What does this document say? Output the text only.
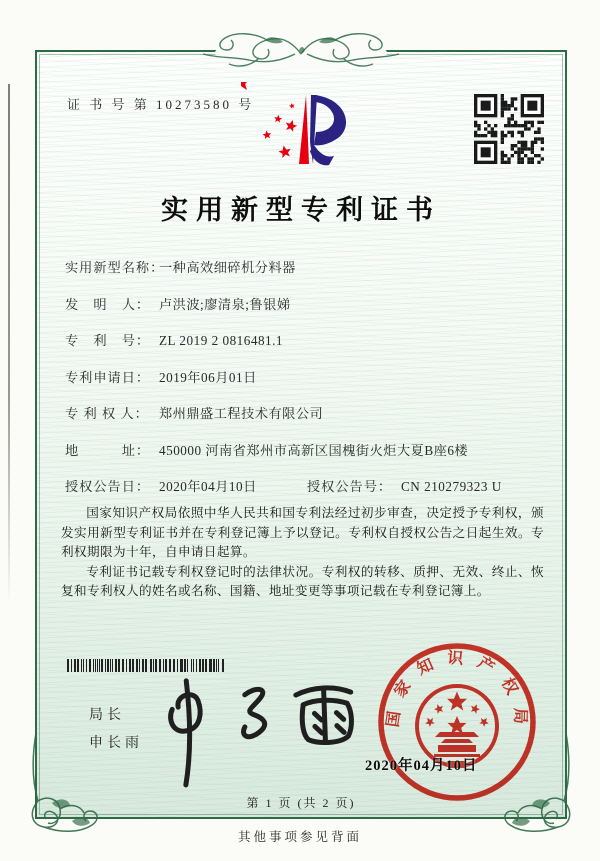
证 书 号 第 10273580 号
实用新型专利证书
实用新型名称：
一种高效细碎机分料器
发　明　人： 卢洪波;廖清泉;鲁银娣
专　利　号： ZL 2019 2 0816481.1
专利申请日： 2019年06月01日
专 利 权 人： 郑州鼎盛工程技术有限公司
地　　　址： 450000 河南省郑州市高新区国槐街火炬大夏B座6楼
授权公告日： 2020年04月10日	授权公告号： CN 210279323 U

国家知识产权局依照中华人民共和国专利法经过初步审查，决定授予专利权，颁发实用新型专利证书并在专利登记簿上予以登记。专利权自授权公告之日起生效。专利权期限为十年，自申请日起算。

专利证书记载专利权登记时的法律状况。专利权的转移、质押、无效、终止、恢复和专利权人的姓名或名称、国籍、地址变更等事项记载在专利登记簿上。

局长
申长雨
国家知识产权局
2020年04月10日
第 1 页 (共 2 页)
其他事项参见背面
